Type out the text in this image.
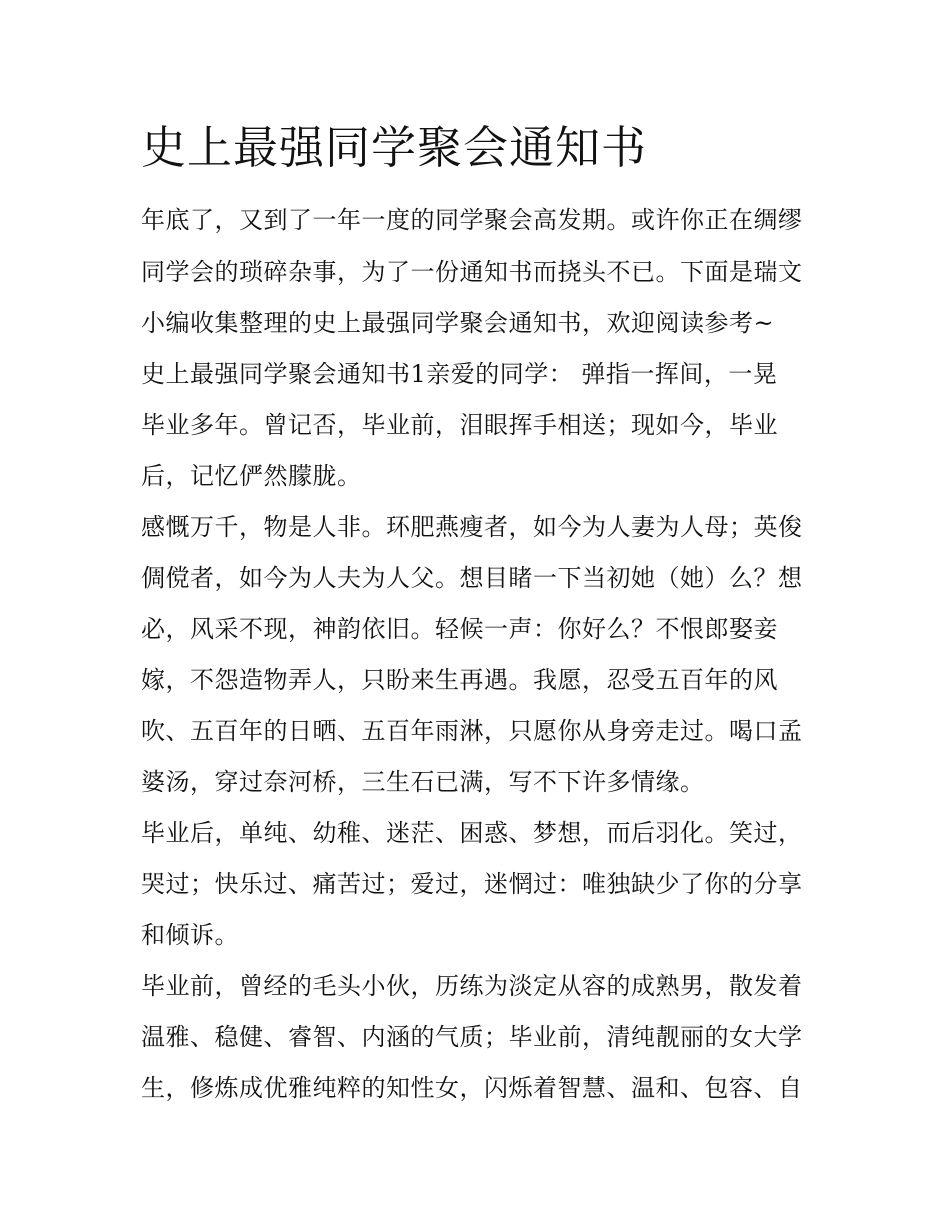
史上最强同学聚会通知书
年底了，又到了一年一度的同学聚会高发期。或许你正在绸缪
同学会的琐碎杂事，为了一份通知书而挠头不已。下面是瑞文
小编收集整理的史上最强同学聚会通知书，欢迎阅读参考~
史上最强同学聚会通知书1亲爱的同学： 弹指一挥间，一晃
毕业多年。曾记否，毕业前，泪眼挥手相送；现如今，毕业
后，记忆俨然朦胧。
感慨万千，物是人非。环肥燕瘦者，如今为人妻为人母；英俊
倜傥者，如今为人夫为人父。想目睹一下当初她（她）么？想
必，风采不现，神韵依旧。轻候一声：你好么？不恨郎娶妾
嫁，不怨造物弄人，只盼来生再遇。我愿，忍受五百年的风
吹、五百年的日晒、五百年雨淋，只愿你从身旁走过。喝口孟
婆汤，穿过奈河桥，三生石已满，写不下许多情缘。
毕业后，单纯、幼稚、迷茫、困惑、梦想，而后羽化。笑过，
哭过；快乐过、痛苦过；爱过，迷惘过：唯独缺少了你的分享
和倾诉。
毕业前，曾经的毛头小伙，历练为淡定从容的成熟男，散发着
温雅、稳健、睿智、内涵的气质；毕业前，清纯靓丽的女大学
生，修炼成优雅纯粹的知性女，闪烁着智慧、温和、包容、自
